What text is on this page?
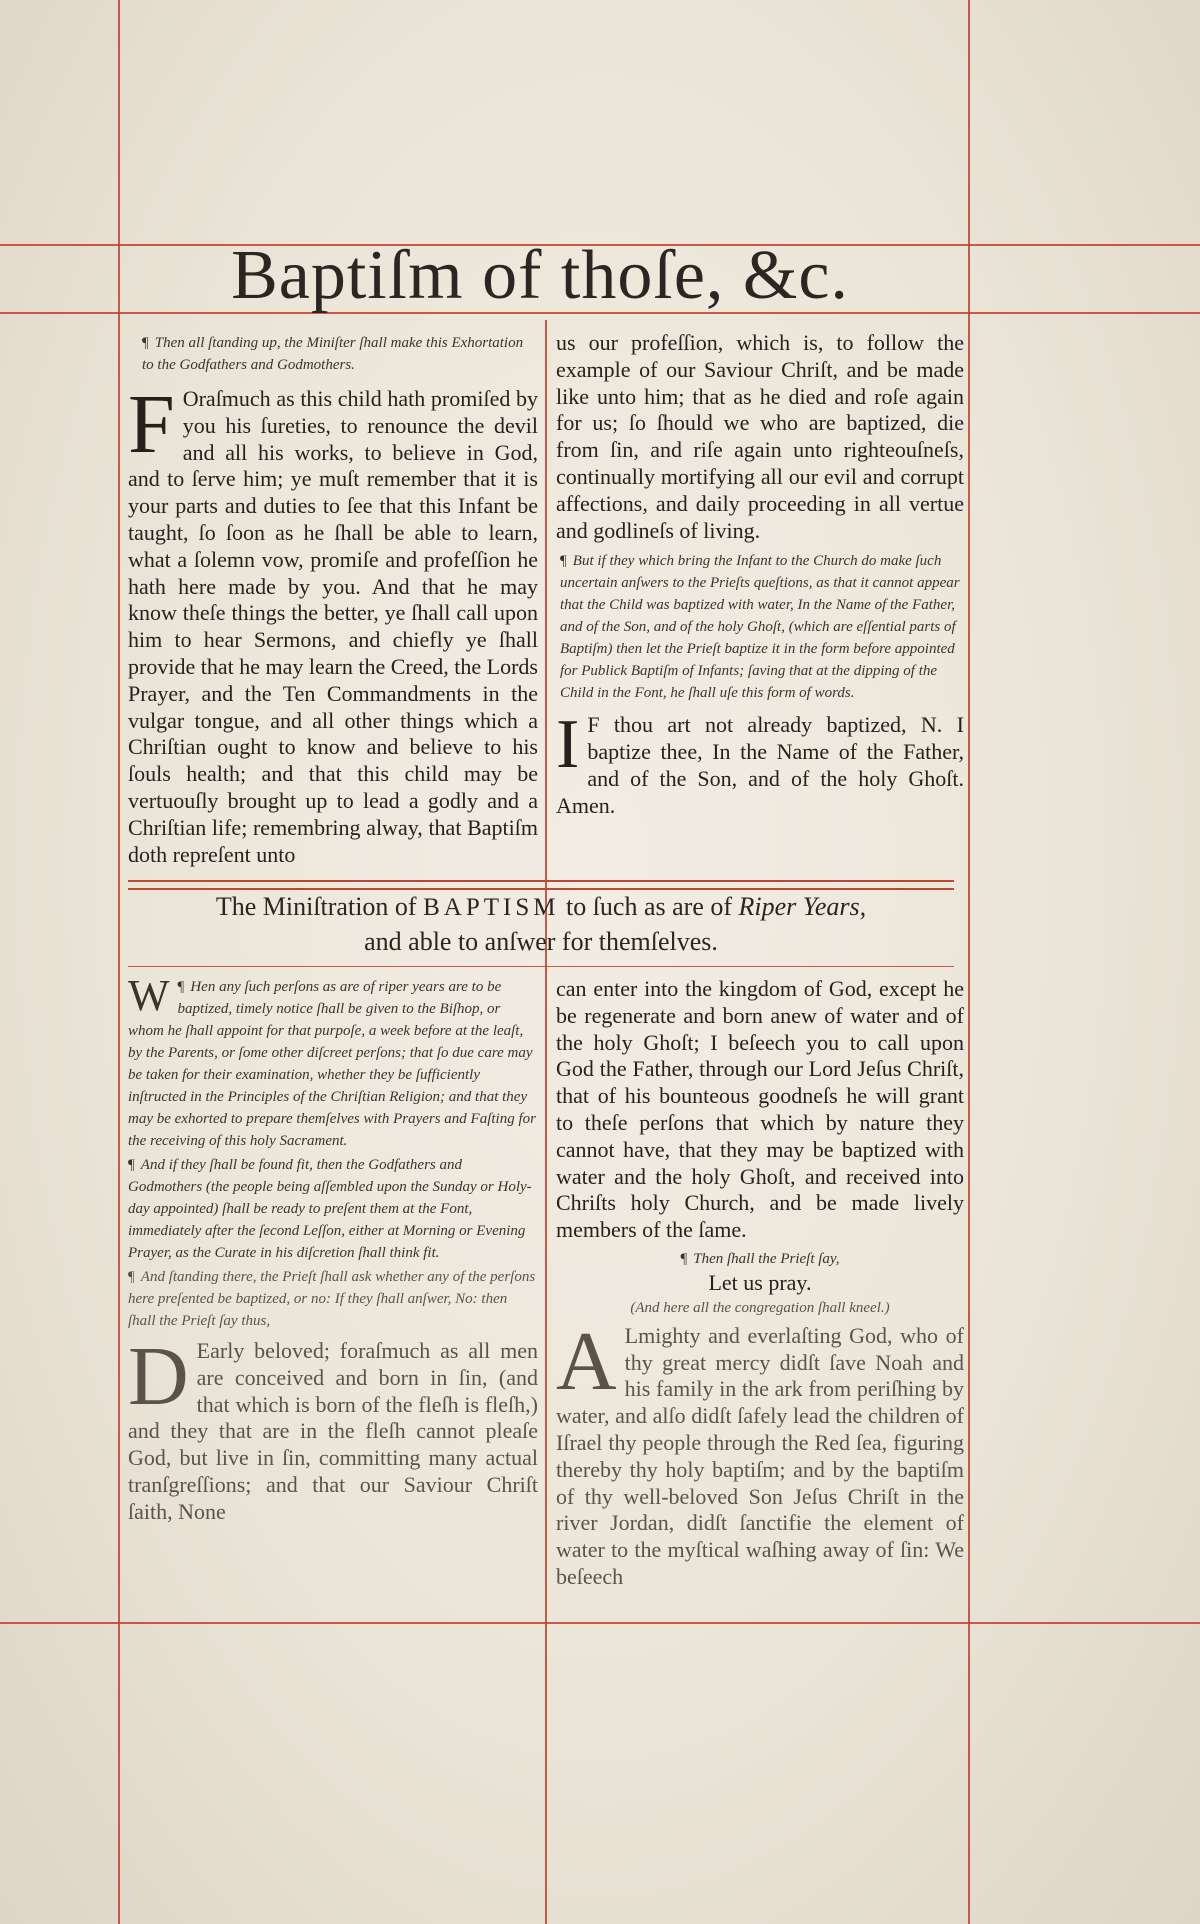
Baptiſm of thoſe, &c.
¶ Then all ſtanding up, the Miniſter ſhall make this Exhortation to the Godfathers and Godmothers.
F Oraſmuch as this child hath promiſed by you his ſureties, to renounce the devil and all his works, to believe in God, and to ſerve him; ye muſt remember that it is your parts and duties to ſee that this Infant be taught, ſo ſoon as he ſhall be able to learn, what a ſolemn vow, promiſe and profeſſion he hath here made by you. And that he may know theſe things the better, ye ſhall call upon him to hear Sermons, and chiefly ye ſhall provide that he may learn the Creed, the Lords Prayer, and the Ten Commandments in the vulgar tongue, and all other things which a Chriſtian ought to know and believe to his ſouls health; and that this child may be vertuouſly brought up to lead a godly and a Chriſtian life; remembring alway, that Baptiſm doth repreſent unto
us our profeſſion, which is, to follow the example of our Saviour Chriſt, and be made like unto him; that as he died and roſe again for us; ſo ſhould we who are baptized, die from ſin, and riſe again unto righteouſneſs, continually mortifying all our evil and corrupt affections, and daily proceeding in all vertue and godlineſs of living.
¶ But if they which bring the Infant to the Church do make ſuch uncertain anſwers to the Prieſts queſtions, as that it cannot appear that the Child was baptized with water, In the Name of the Father, and of the Son, and of the holy Ghoſt, (which are eſſential parts of Baptiſm) then let the Prieſt baptize it in the form before appointed for Publick Baptiſm of Infants; ſaving that at the dipping of the Child in the Font, he ſhall uſe this form of words.
I F thou art not already baptized, N. I baptize thee, In the Name of the Father, and of the Son, and of the holy Ghoſt. Amen.
The Miniſtration of BAPTISM to ſuch as are of Riper Years,
and able to anſwer for themſelves.
¶
W Hen any ſuch perſons as are of riper years are to be baptized, timely notice ſhall be given to the Biſhop, or whom he ſhall appoint for that purpoſe, a week before at the leaſt, by the Parents, or ſome other diſcreet perſons; that ſo due care may be taken for their examination, whether they be ſufficiently inſtructed in the Principles of the Chriſtian Religion; and that they may be exhorted to prepare themſelves with Prayers and Faſting for the receiving of this holy Sacrament.
¶ And if they ſhall be found fit, then the Godfathers and Godmothers (the people being aſſembled upon the Sunday or Holy-day appointed) ſhall be ready to preſent them at the Font, immediately after the ſecond Leſſon, either at Morning or Evening Prayer, as the Curate in his diſcretion ſhall think fit.
¶ And ſtanding there, the Prieſt ſhall ask whether any of the perſons here preſented be baptized, or no: If they ſhall anſwer, No: then ſhall the Prieſt ſay thus,
D Early beloved; foraſmuch as all men are conceived and born in ſin, (and that which is born of the fleſh is fleſh,) and they that are in the fleſh cannot pleaſe God, but live in ſin, committing many actual tranſgreſſions; and that our Saviour Chriſt ſaith, None
can enter into the kingdom of God, except he be regenerate and born anew of water and of the holy Ghoſt; I beſeech you to call upon God the Father, through our Lord Jeſus Chriſt, that of his bounteous goodneſs he will grant to theſe perſons that which by nature they cannot have, that they may be baptized with water and the holy Ghoſt, and received into Chriſts holy Church, and be made lively members of the ſame.
¶ Then ſhall the Prieſt ſay,
Let us pray.
(And here all the congregation ſhall kneel.)
A Lmighty and everlaſting God, who of thy great mercy didſt ſave Noah and his family in the ark from periſhing by water, and alſo didſt ſafely lead the children of Iſrael thy people through the Red ſea, figuring thereby thy holy baptiſm; and by the baptiſm of thy well-beloved Son Jeſus Chriſt in the river Jordan, didſt ſanctifie the element of water to the myſtical waſhing away of ſin: We beſeech
